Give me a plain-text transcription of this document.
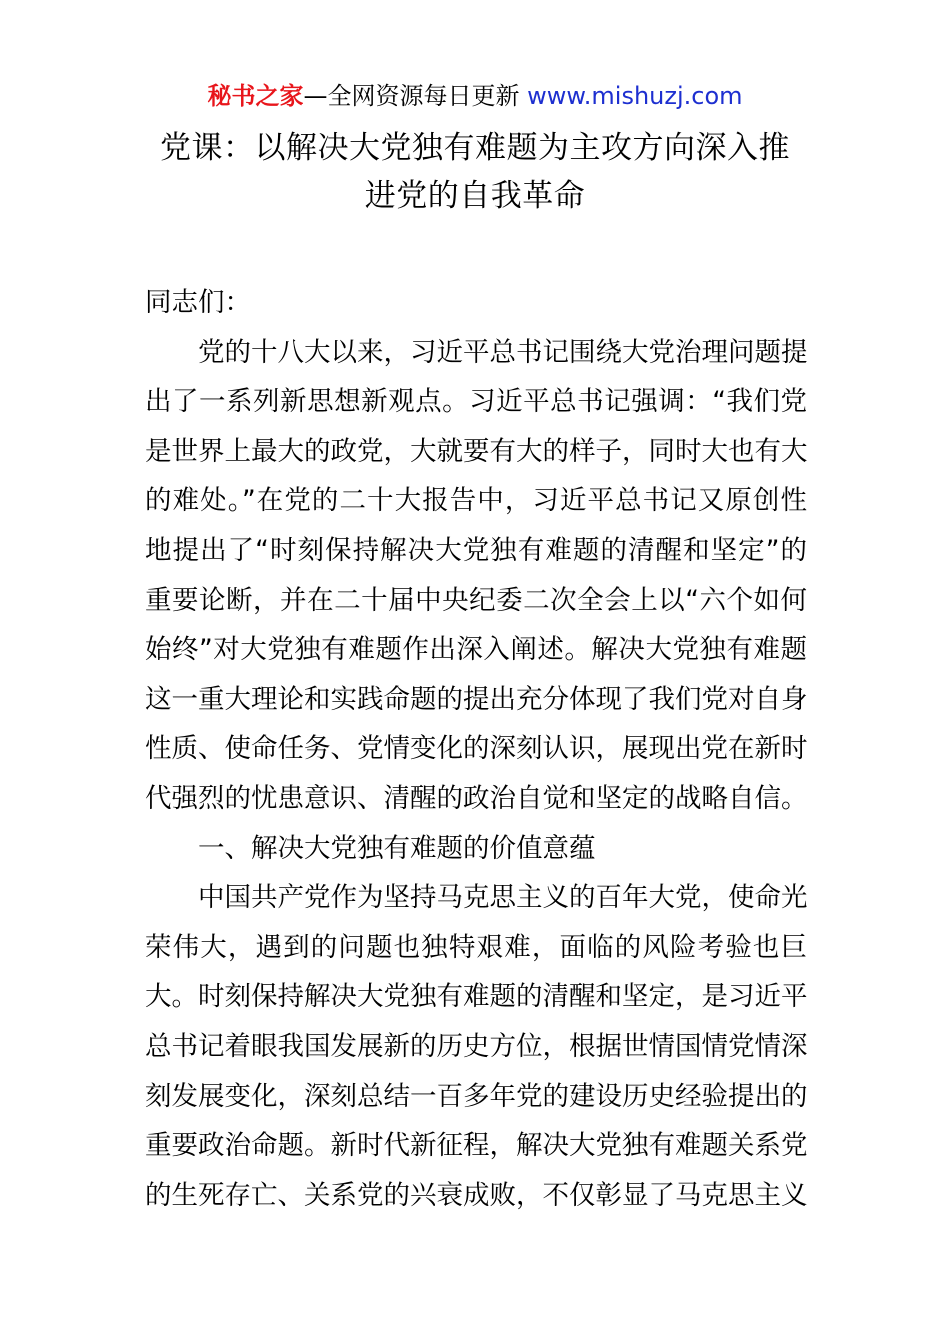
秘书之家—全网资源每日更新 www.mishuzj.com
党课：以解决大党独有难题为主攻方向深入推
进党的自我革命
同志们：
党的十八大以来，习近平总书记围绕大党治理问题提
出了一系列新思想新观点。习近平总书记强调：“我们党
是世界上最大的政党，大就要有大的样子，同时大也有大
的难处。”在党的二十大报告中，习近平总书记又原创性
地提出了“时刻保持解决大党独有难题的清醒和坚定”的
重要论断，并在二十届中央纪委二次全会上以“六个如何
始终”对大党独有难题作出深入阐述。解决大党独有难题
这一重大理论和实践命题的提出充分体现了我们党对自身
性质、使命任务、党情变化的深刻认识，展现出党在新时
代强烈的忧患意识、清醒的政治自觉和坚定的战略自信。
一、解决大党独有难题的价值意蕴
中国共产党作为坚持马克思主义的百年大党，使命光
荣伟大，遇到的问题也独特艰难，面临的风险考验也巨
大。时刻保持解决大党独有难题的清醒和坚定，是习近平
总书记着眼我国发展新的历史方位，根据世情国情党情深
刻发展变化，深刻总结一百多年党的建设历史经验提出的
重要政治命题。新时代新征程，解决大党独有难题关系党
的生死存亡、关系党的兴衰成败，不仅彰显了马克思主义
